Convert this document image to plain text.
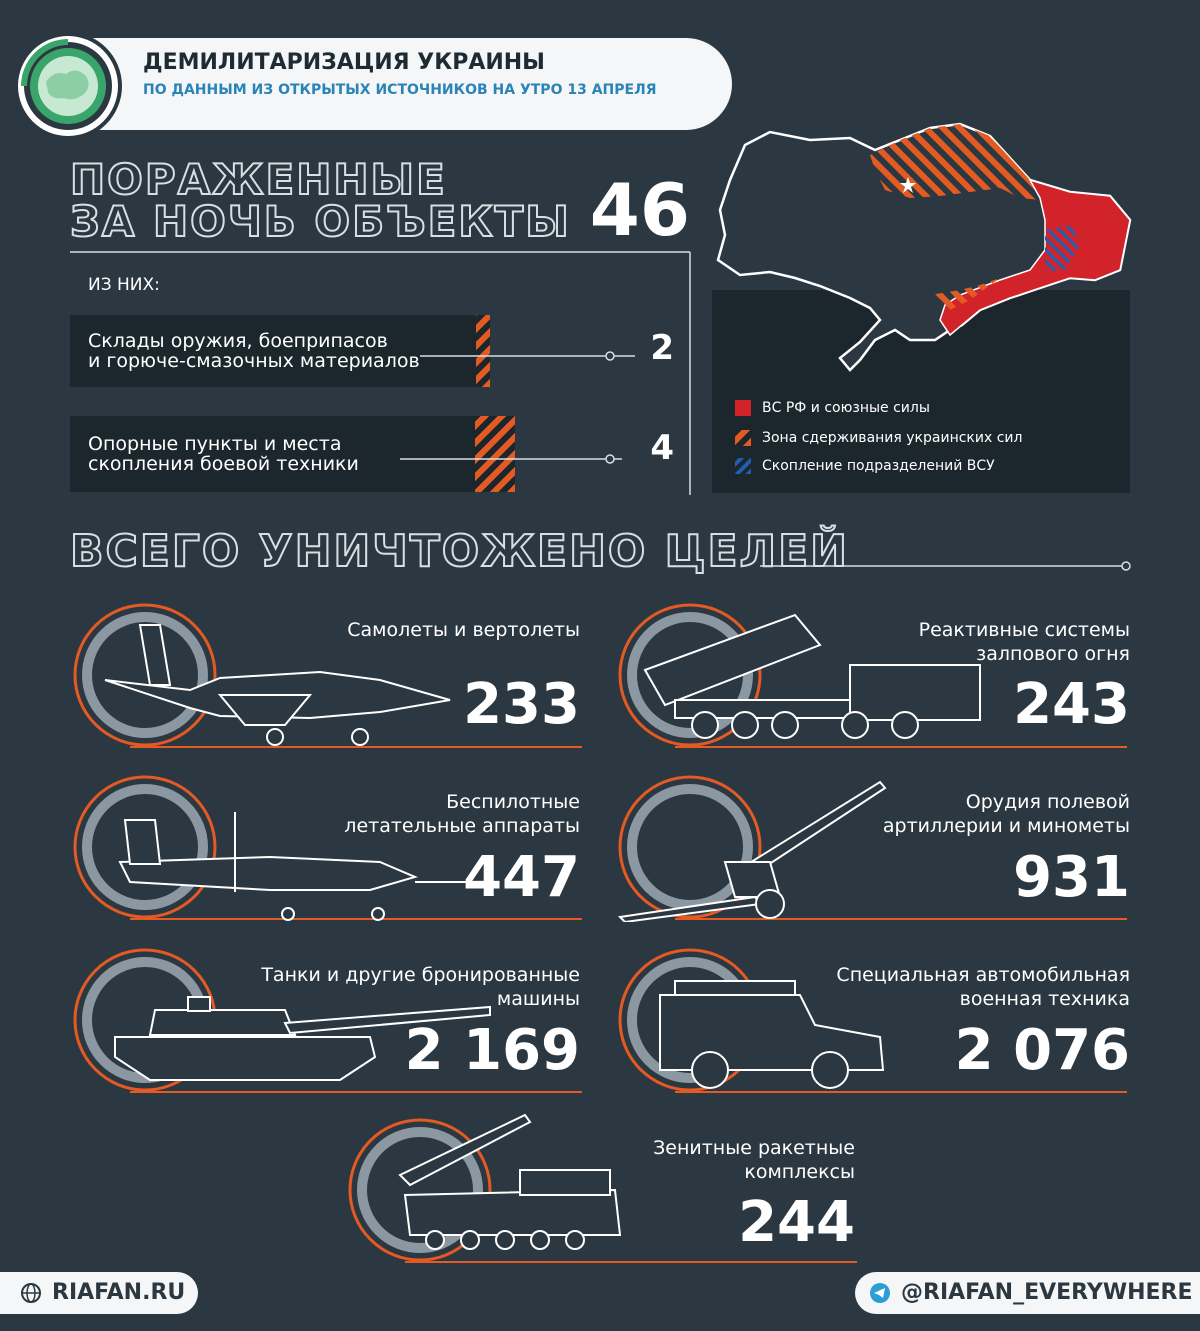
ДЕМИЛИТАРИЗАЦИЯ УКРАИНЫ
ПО ДАННЫМ ИЗ ОТКРЫТЫХ ИСТОЧНИКОВ НА УТРО 13 АПРЕЛЯ
ПОРАЖЕННЫЕ
ЗА НОЧЬ ОБЪЕКТЫ 46
ИЗ НИХ:
Склады оружия, боеприпасов
и горюче-смазочных материалов	2
Опорные пункты и места
скопления боевой техники	4
ВС РФ и союзные силы
Зона сдерживания украинских сил
Скопление подразделений ВСУ
ВСЕГО УНИЧТОЖЕНО ЦЕЛЕЙ
Самолеты и вертолеты
233
Реактивные системы
залпового огня
243
Беспилотные
летательные аппараты
447
Орудия полевой
артиллерии и минометы
931
Танки и другие бронированные
машины
2 169
Специальная автомобильная
военная техника
2 076
Зенитные ракетные
комплексы
244
RIAFAN.RU	@RIAFAN_EVERYWHERE
